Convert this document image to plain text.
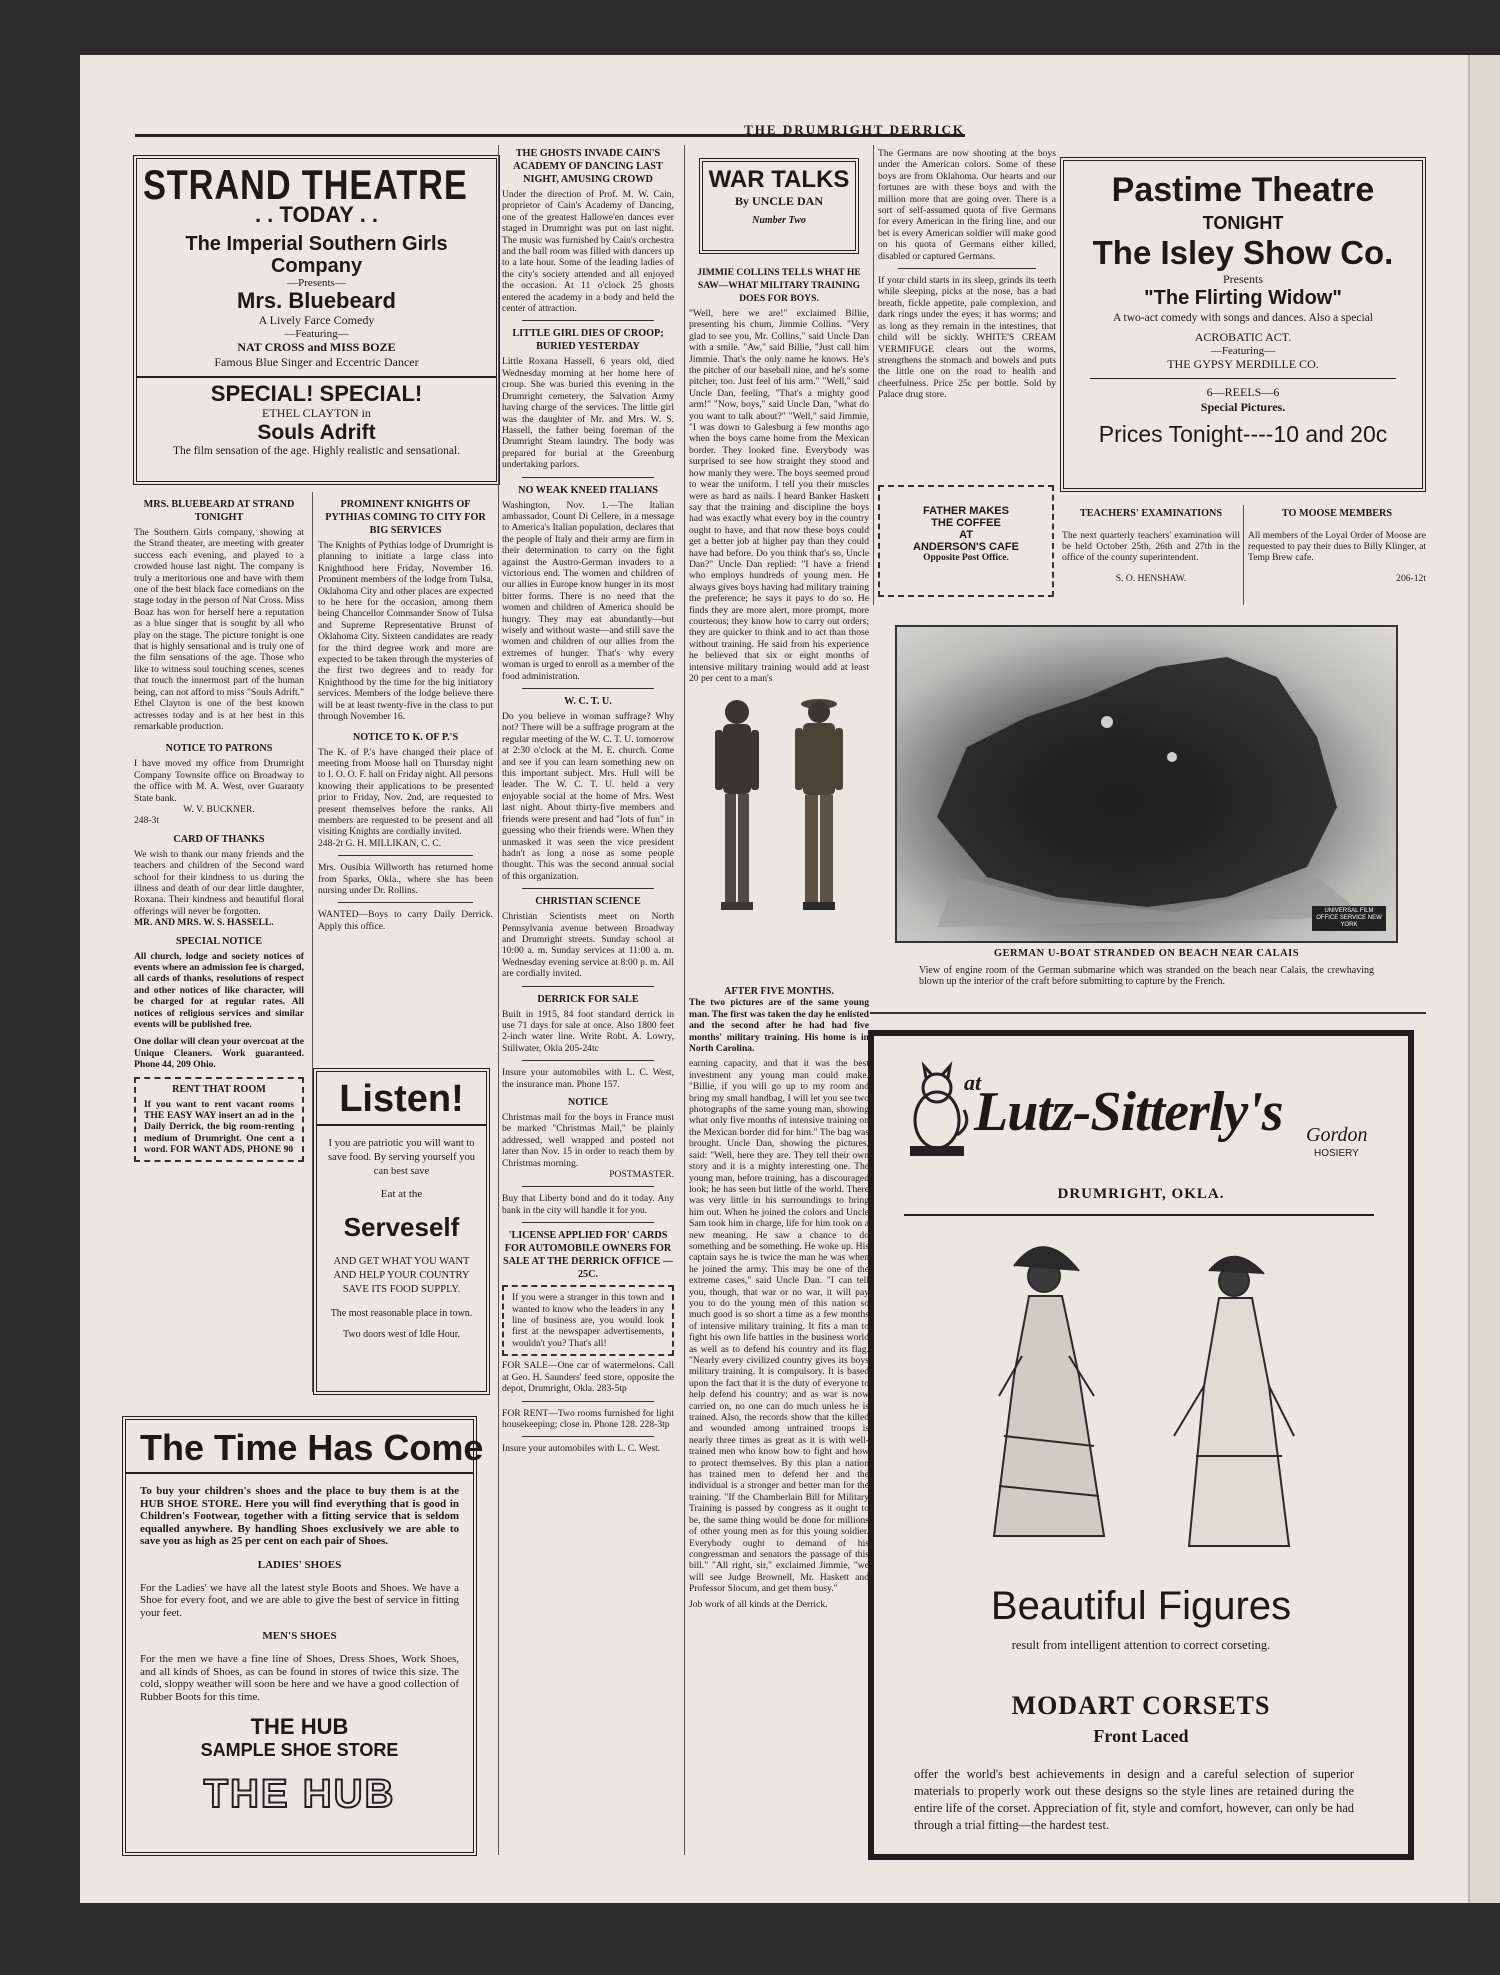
THE DRUMRIGHT DERRICK
STRAND THEATRE
. . TODAY . .
The Imperial Southern Girls Company
—Presents—
Mrs. Bluebeard
A Lively Farce Comedy
—Featuring—
NAT CROSS and MISS BOZE
Famous Blue Singer and Eccentric Dancer
SPECIAL! SPECIAL!
ETHEL CLAYTON in
Souls Adrift
The film sensation of the age. Highly realistic and sensational.
MRS. BLUEBEARD AT STRAND TONIGHT

The Southern Girls company, showing at the Strand theater, are meeting with greater success each evening, and played to a crowded house last night. The company is truly a meritorious one and have with them one of the best black face comedians on the stage today in the person of Nat Cross. Miss Boaz has won for herself here a reputation as a blue singer that is sought by all who play on the stage. The picture tonight is one that is highly sensational and is truly one of the film sensations of the age. Those who like to witness soul touching scenes, scenes that touch the innermost part of the human being, can not afford to miss "Souls Adrift." Ethel Clayton is one of the best known actresses today and is at her best in this remarkable production.

NOTICE TO PATRONS

I have moved my office from Drumright Company Townsite office on Broadway to the office with M. A. West, over Guaranty State bank.

W. V. BUCKNER.

248-3t

CARD OF THANKS

We wish to thank our many friends and the teachers and children of the Second ward school for their kindness to us during the illness and death of our dear little daughter, Roxana. Their kindness and beautiful floral offerings will never be forgotten.

MR. AND MRS. W. S. HASSELL.

SPECIAL NOTICE

All church, lodge and society notices of events where an admission fee is charged, all cards of thanks, resolutions of respect and other notices of like character, will be charged for at regular rates. All notices of religious services and similar events will be published free.

One dollar will clean your overcoat at the Unique Cleaners. Work guaranteed. Phone 44, 209 Ohio.

RENT THAT ROOM

If you want to rent vacant rooms THE EASY WAY insert an ad in the Daily Derrick, the big room-renting medium of Drumright. One cent a word. FOR WANT ADS, PHONE 90

PROMINENT KNIGHTS OF PYTHIAS COMING TO CITY FOR BIG SERVICES

The Knights of Pythias lodge of Drumright is planning to initiate a large class into Knighthood here Friday, November 16. Prominent members of the lodge from Tulsa, Oklahoma City and other places are expected to be here for the occasion, among them being Chancellor Commander Snow of Tulsa and Supreme Representative Brunst of Oklahoma City. Sixteen candidates are ready for the third degree work and more are expected to be taken through the mysteries of the first two degrees and to ready for Knighthood by the time for the big initiatory services. Members of the lodge believe there will be at least twenty-five in the class to put through November 16.

NOTICE TO K. OF P.'S

The K. of P.'s have changed their place of meeting from Moose hall on Thursday night to I. O. O. F. hall on Friday night. All persons knowing their applications to be presented prior to Friday, Nov. 2nd, are requested to present themselves before the ranks. All members are requested to be present and all visiting Knights are cordially invited.

248-2t G. H. MILLIKAN, C. C.

Mrs. Ousibia Willworth has returned home from Sparks, Okla., where she has been nursing under Dr. Rollins.

WANTED—Boys to carry Daily Derrick. Apply this office.

Listen!

I you are patriotic you will want to save food. By serving yourself you can best save

Eat at the

Serveself

AND GET WHAT YOU WANT AND HELP YOUR COUNTRY SAVE ITS FOOD SUPPLY.

The most reasonable place in town.

Two doors west of Idle Hour.

The Time Has Come

To buy your children's shoes and the place to buy them is at the HUB SHOE STORE. Here you will find everything that is good in Children's Footwear, together with a fitting service that is seldom equalled anywhere. By handling Shoes exclusively we are able to save you as high as 25 per cent on each pair of Shoes.

LADIES' SHOES

For the Ladies' we have all the latest style Boots and Shoes. We have a Shoe for every foot, and we are able to give the best of service in fitting your feet.

MEN'S SHOES

For the men we have a fine line of Shoes, Dress Shoes, Work Shoes, and all kinds of Shoes, as can be found in stores of twice this size. The cold, sloppy weather will soon be here and we have a good collection of Rubber Boots for this time.

THE HUB
SAMPLE SHOE STORE
THE HUB
THE GHOSTS INVADE CAIN'S ACADEMY OF DANCING LAST NIGHT, AMUSING CROWD

Under the direction of Prof. M. W. Cain, proprietor of Cain's Academy of Dancing, one of the greatest Hallowe'en dances ever staged in Drumright was put on last night. The music was furnished by Cain's orchestra and the ball room was filled with dancers up to a late hour. Some of the leading ladies of the city's society attended and all enjoyed the occasion. At 11 o'clock 25 ghosts entered the academy in a body and held the center of attraction.

LITTLE GIRL DIES OF CROOP; BURIED YESTERDAY

Little Roxana Hassell, 6 years old, died Wednesday morning at her home here of croup. She was buried this evening in the Drumright cemetery, the Salvation Army having charge of the services. The little girl was the daughter of Mr. and Mrs. W. S. Hassell, the father being foreman of the Drumright Steam laundry. The body was prepared for burial at the Greenburg undertaking parlors.

NO WEAK KNEED ITALIANS

Washington, Nov. 1.—The Italian ambassador, Count Di Cellere, in a message to America's Italian population, declares that the people of Italy and their army are firm in their determination to carry on the fight against the Austro-German invaders to a victorious end. The women and children of our allies in Europe know hunger in its most bitter forms. There is no need that the women and children of America should be hungry. They may eat abundantly—but wisely and without waste—and still save the women and children of our allies from the extremes of hunger. That's why every woman is urged to enroll as a member of the food administration.

W. C. T. U.

Do you believe in woman suffrage? Why not? There will be a suffrage program at the regular meeting of the W. C. T. U. tomorrow at 2:30 o'clock at the M. E. church. Come and see if you can learn something new on this important subject. Mrs. Hull will be leader. The W. C. T. U. held a very enjoyable social at the home of Mrs. West last night. About thirty-five members and friends were present and had "lots of fun" in guessing who their friends were. When they unmasked it was seen the vice president hadn't as long a nose as some people thought. This was the second annual social of this organization.

CHRISTIAN SCIENCE

Christian Scientists meet on North Pennsylvania avenue between Broadway and Drumright streets. Sunday school at 10:00 a. m. Sunday services at 11:00 a. m. Wednesday evening service at 8:00 p. m. All are cordially invited.

DERRICK FOR SALE

Built in 1915, 84 foot standard derrick in use 71 days for sale at once. Also 1800 feet 2-inch water line. Write Robt. A. Lowry, Stillwater, Okla 205-24tc

Insure your automobiles with L. C. West, the insurance man. Phone 157.

NOTICE

Christmas mail for the boys in France must be marked "Christmas Mail," be plainly addressed, well wrapped and posted not later than Nov. 15 in order to reach them by Christmas morning.

POSTMASTER.

Buy that Liberty bond and do it today. Any bank in the city will handle it for you.

'LICENSE APPLIED FOR' CARDS FOR AUTOMOBILE OWNERS FOR SALE AT THE DERRICK OFFICE —25C.

If you were a stranger in this town and wanted to know who the leaders in any line of business are, you would look first at the newspaper advertisements, wouldn't you? That's all!

FOR SALE—One car of watermelons. Call at Geo. H. Saunders' feed store, opposite the depot, Drumright, Okla. 283-5tp

FOR RENT—Two rooms furnished for light housekeeping; close in. Phone 128. 228-3tp

Insure your automobiles with L. C. West.

WAR TALKS
By UNCLE DAN
Number Two
JIMMIE COLLINS TELLS WHAT HE SAW—WHAT MILITARY TRAINING DOES FOR BOYS.

"Well, here we are!" exclaimed Billie, presenting his chum, Jimmie Collins. "Very glad to see you, Mr. Collins," said Uncle Dan with a smile. "Aw," said Billie, "Just call him Jimmie. That's the only name he knows. He's the pitcher of our baseball nine, and he's some pitcher, too. Just feel of his arm." "Well," said Uncle Dan, feeling, "That's a mighty good arm!" "Now, boys," said Uncle Dan, "what do you want to talk about?" "Well," said Jimmie, "I was down to Galesburg a few months ago when the boys came home from the Mexican border. They looked fine. Everybody was surprised to see how straight they stood and how manly they were. The boys seemed proud to wear the uniform. I tell you their muscles were as hard as nails. I heard Banker Haskett say that the training and discipline the boys had was exactly what every boy in the country ought to have, and that now these boys could get a better job at higher pay than they could have had before. Do you think that's so, Uncle Dan?" Uncle Dan replied: "I have a friend who employs hundreds of young men. He always gives boys having had military training the preference; he says it pays to do so. He finds they are more alert, more prompt, more courteous; they know how to carry out orders; they are quicker to think and to act than those without training. He said from his experience he believed that six or eight months of intensive military training would add at least 20 per cent to a man's

AFTER FIVE MONTHS.

The two pictures are of the same young man. The first was taken the day he enlisted and the second after he had had five months' military training. His home is in North Carolina.

earning capacity, and that it was the best investment any young man could make. "Billie, if you will go up to my room and bring my small handbag, I will let you see two photographs of the same young man, showing what only five months of intensive training on the Mexican border did for him." The bag was brought. Uncle Dan, showing the pictures, said: "Well, here they are. They tell their own story and it is a mighty interesting one. The young man, before training, has a discouraged look; he has seen but little of the world. There was very little in his surroundings to bring him out. When he joined the colors and Uncle Sam took him in charge, life for him took on a new meaning. He saw a chance to do something and be something. He woke up. His captain says he is twice the man he was when he joined the army. This may be one of the extreme cases," said Uncle Dan. "I can tell you, though, that war or no war, it will pay you to do the young men of this nation so much good is so short a time as a few months of intensive military training. It fits a man to fight his own life battles in the business world as well as to defend his country and its flag. "Nearly every civilized country gives its boys military training. It is compulsory. It is based upon the fact that it is the duty of everyone to help defend his country; and as war is now carried on, no one can do much unless he is trained. Also, the records show that the killed and wounded among untrained troops is nearly three times as great as it is with well-trained men who know how to fight and how to protect themselves. By this plan a nation has trained men to defend her and the individual is a stronger and better man for the training. "If the Chamberlain Bill for Military Training is passed by congress as it ought to be, the same thing would be done for millions of other young men as for this young soldier. Everybody ought to demand of his congressman and senators the passage of this bill." "All right, sir," exclaimed Jimmie, "we will see Judge Brownell, Mr. Haskett and Professor Slocum, and get them busy."

Job work of all kinds at the Derrick.

The Germans are now shooting at the boys under the American colors. Some of these boys are from Oklahoma. Our hearts and our fortunes are with these boys and with the million more that are going over. There is a sort of self-assumed quota of five Germans for every American in the firing line, and our bet is every American soldier will make good on his quota of Germans either killed, disabled or captured Germans.

If your child starts in its sleep, grinds its teeth while sleeping, picks at the nose, has a bad breath, fickle appetite, pale complexion, and dark rings under the eyes; it has worms; and as long as they remain in the intestines, that child will be sickly. WHITE'S CREAM VERMIFUGE clears out the worms, strengthens the stomach and bowels and puts the little one on the road to health and cheerfulness. Price 25c per bottle. Sold by Palace drug store.

FATHER MAKES
THE COFFEE
AT
ANDERSON'S CAFE
Opposite Post Office.
Pastime Theatre
TONIGHT
The Isley Show Co.
Presents
"The Flirting Widow"
A two-act comedy with songs and dances. Also a special
ACROBATIC ACT.
—Featuring—
THE GYPSY MERDILLE CO.
6—REELS—6
Special Pictures.
Prices Tonight----10 and 20c
TEACHERS' EXAMINATIONS

The next quarterly teachers' examination will be held October 25th, 26th and 27th in the office of the county superintendent.

S. O. HENSHAW.

TO MOOSE MEMBERS

All members of the Loyal Order of Moose are requested to pay their dues to Billy Klinger, at Temp Brew cafe.

206-12t

UNIVERSAL FILM OFFICE SERVICE NEW YORK
GERMAN U-BOAT STRANDED ON BEACH NEAR CALAIS

View of engine room of the German submarine which was stranded on the beach near Calais, the crewhaving blown up the interior of the craft before submitting to capture by the French.

at
Lutz-Sitterly's Gordon
HOSIERY
DRUMRIGHT, OKLA.
Beautiful Figures
result from intelligent attention to correct corseting.
MODART CORSETS
Front Laced

offer the world's best achievements in design and a careful selection of superior materials to properly work out these designs so the style lines are retained during the entire life of the corset. Appreciation of fit, style and comfort, however, can only be had through a trial fitting—the hardest test.
